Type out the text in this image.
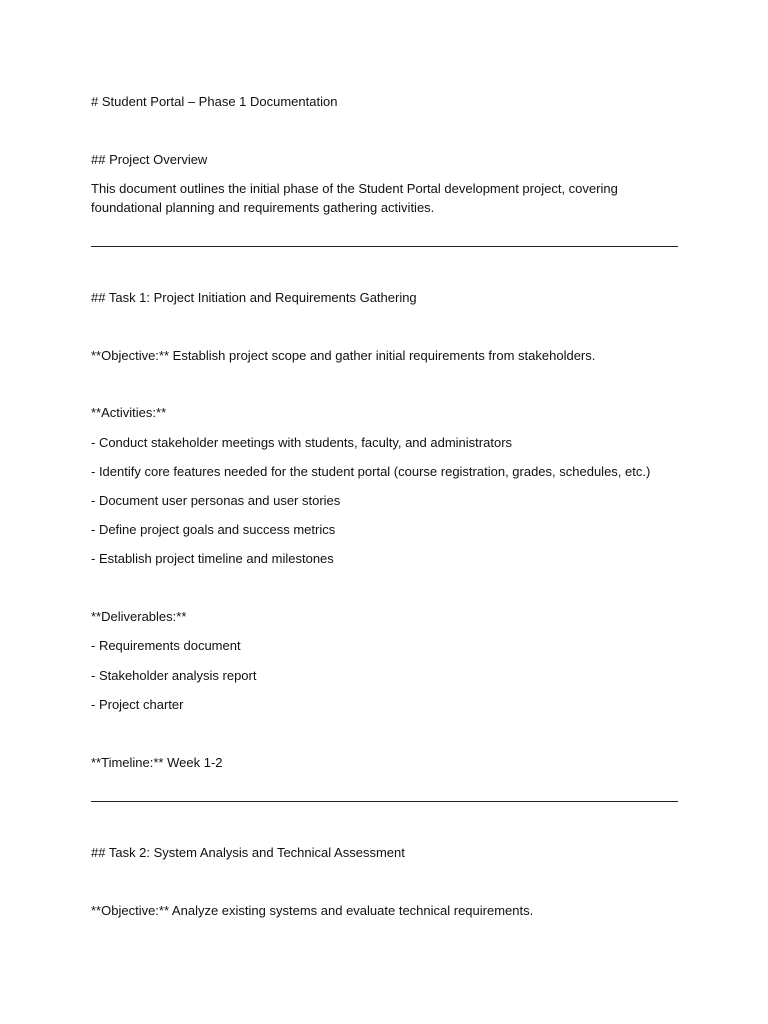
# Student Portal – Phase 1 Documentation
## Project Overview
This document outlines the initial phase of the Student Portal development project, covering foundational planning and requirements gathering activities.
## Task 1: Project Initiation and Requirements Gathering
**Objective:** Establish project scope and gather initial requirements from stakeholders.
**Activities:**
- Conduct stakeholder meetings with students, faculty, and administrators
- Identify core features needed for the student portal (course registration, grades, schedules, etc.)
- Document user personas and user stories
- Define project goals and success metrics
- Establish project timeline and milestones
**Deliverables:**
- Requirements document
- Stakeholder analysis report
- Project charter
**Timeline:** Week 1-2
## Task 2: System Analysis and Technical Assessment
**Objective:** Analyze existing systems and evaluate technical requirements.
